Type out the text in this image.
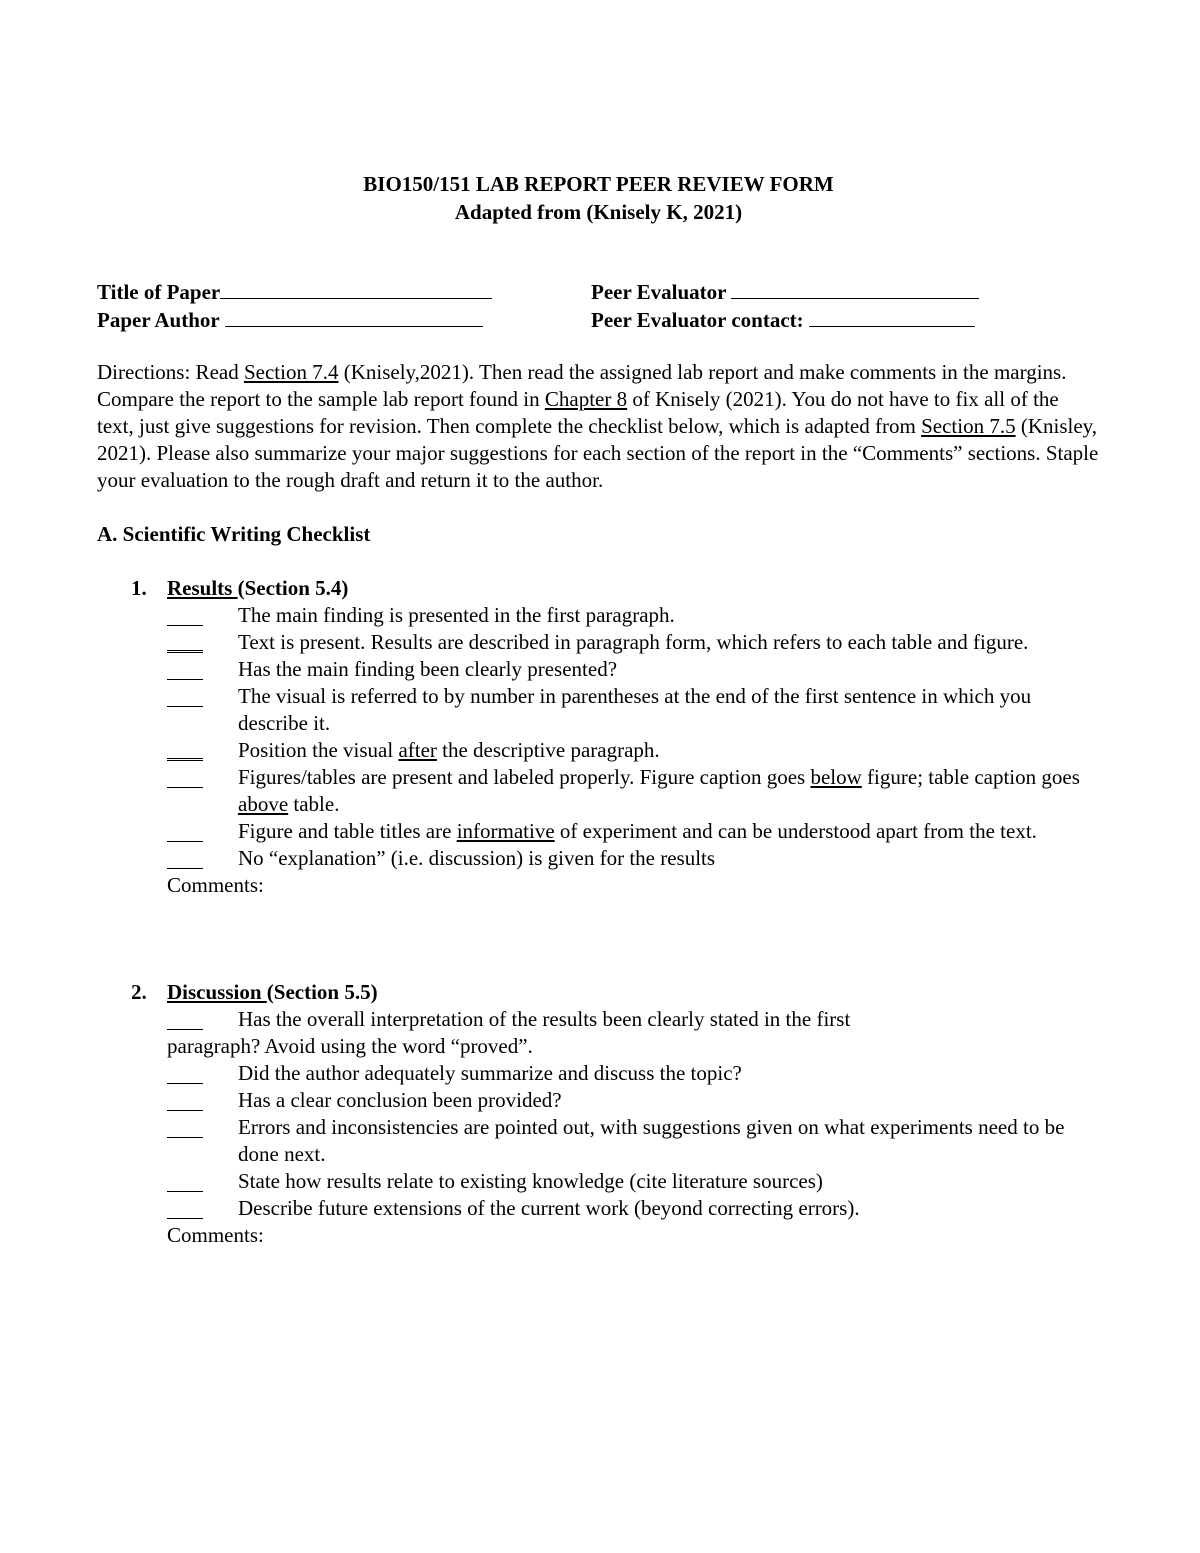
BIO150/151 LAB REPORT PEER REVIEW FORM
Adapted from (Knisely K, 2021)
Title of Paper	Peer Evaluator
Paper Author	Peer Evaluator contact:
Directions: Read Section 7.4 (Knisely,2021). Then read the assigned lab report and make comments in the margins. Compare the report to the sample lab report found in Chapter 8 of Knisely (2021). You do not have to fix all of the text, just give suggestions for revision. Then complete the checklist below, which is adapted from Section 7.5 (Knisley, 2021). Please also summarize your major suggestions for each section of the report in the “Comments” sections. Staple your evaluation to the rough draft and return it to the author.
A. Scientific Writing Checklist
1. Results (Section 5.4)
The main finding is presented in the first paragraph.
Text is present. Results are described in paragraph form, which refers to each table and figure.
Has the main finding been clearly presented?
The visual is referred to by number in parentheses at the end of the first sentence in which you describe it.
Position the visual after the descriptive paragraph.
Figures/tables are present and labeled properly. Figure caption goes below figure; table caption goes above table.
Figure and table titles are informative of experiment and can be understood apart from the text.
No “explanation” (i.e. discussion) is given for the results
Comments:
2. Discussion (Section 5.5)
Has the overall interpretation of the results been clearly stated in the first
paragraph? Avoid using the word “proved”.
Did the author adequately summarize and discuss the topic?
Has a clear conclusion been provided?
Errors and inconsistencies are pointed out, with suggestions given on what experiments need to be done next.
State how results relate to existing knowledge (cite literature sources)
Describe future extensions of the current work (beyond correcting errors).
Comments:
